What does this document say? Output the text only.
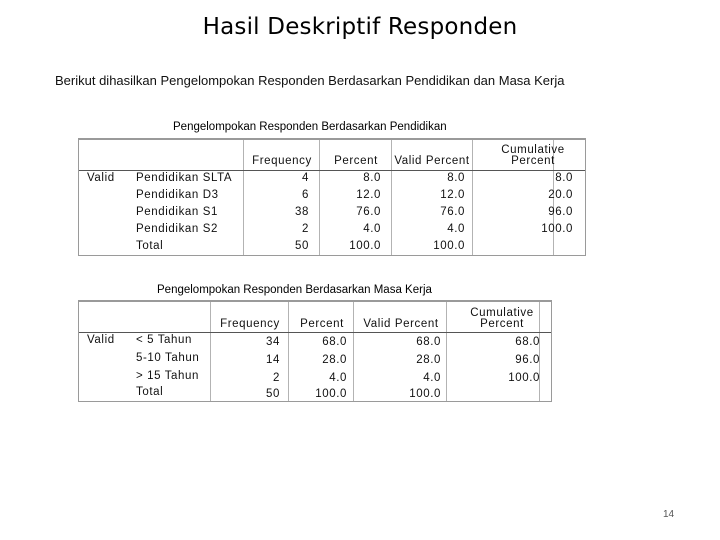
Hasil Deskriptif Responden
Berikut dihasilkan Pengelompokan Responden Berdasarkan Pendidikan dan Masa Kerja
Pengelompokan Responden Berdasarkan Pendidikan
Frequency	Percent	Valid Percent
Cumulative
Percent
Valid Pendidikan SLTA	4	8.0	8.0	8.0
Pendidikan D3	6	12.0	12.0	20.0
Pendidikan S1	38	76.0	76.0	96.0
Pendidikan S2	2	4.0	4.0	100.0
Total	50	100.0	100.0
Pengelompokan Responden Berdasarkan Masa Kerja
Frequency	Percent	Valid Percent
Cumulative
Percent
Valid < 5 Tahun	34	68.0	68.0	68.0
5-10 Tahun	14	28.0	28.0	96.0
> 15 Tahun	2	4.0	4.0	100.0
Total	50	100.0	100.0
14
